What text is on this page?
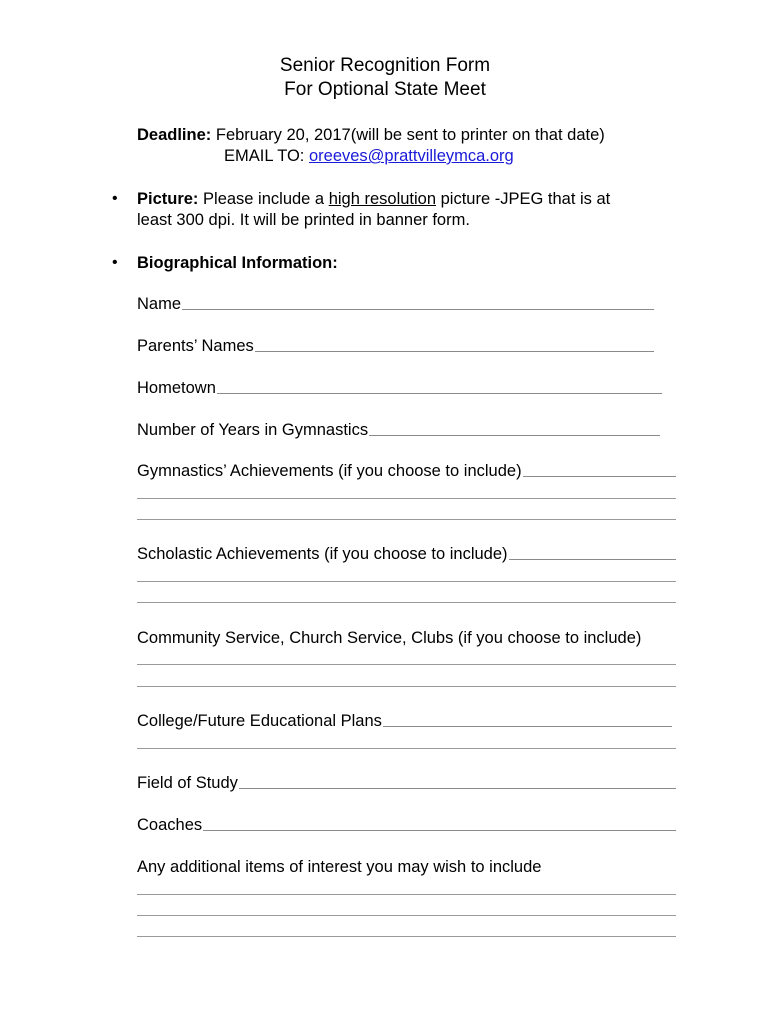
Senior Recognition Form
For Optional State Meet
Deadline: February 20, 2017(will be sent to printer on that date)
EMAIL TO: oreeves@prattvilleymca.org
• Picture: Please include a high resolution picture -JPEG that is at
least 300 dpi. It will be printed in banner form.
• Biographical Information:
Name
Parents’ Names
Hometown
Number of Years in Gymnastics
Gymnastics’ Achievements (if you choose to include)
Scholastic Achievements (if you choose to include)
Community Service, Church Service, Clubs (if you choose to include)
College/Future Educational Plans
Field of Study
Coaches
Any additional items of interest you may wish to include
